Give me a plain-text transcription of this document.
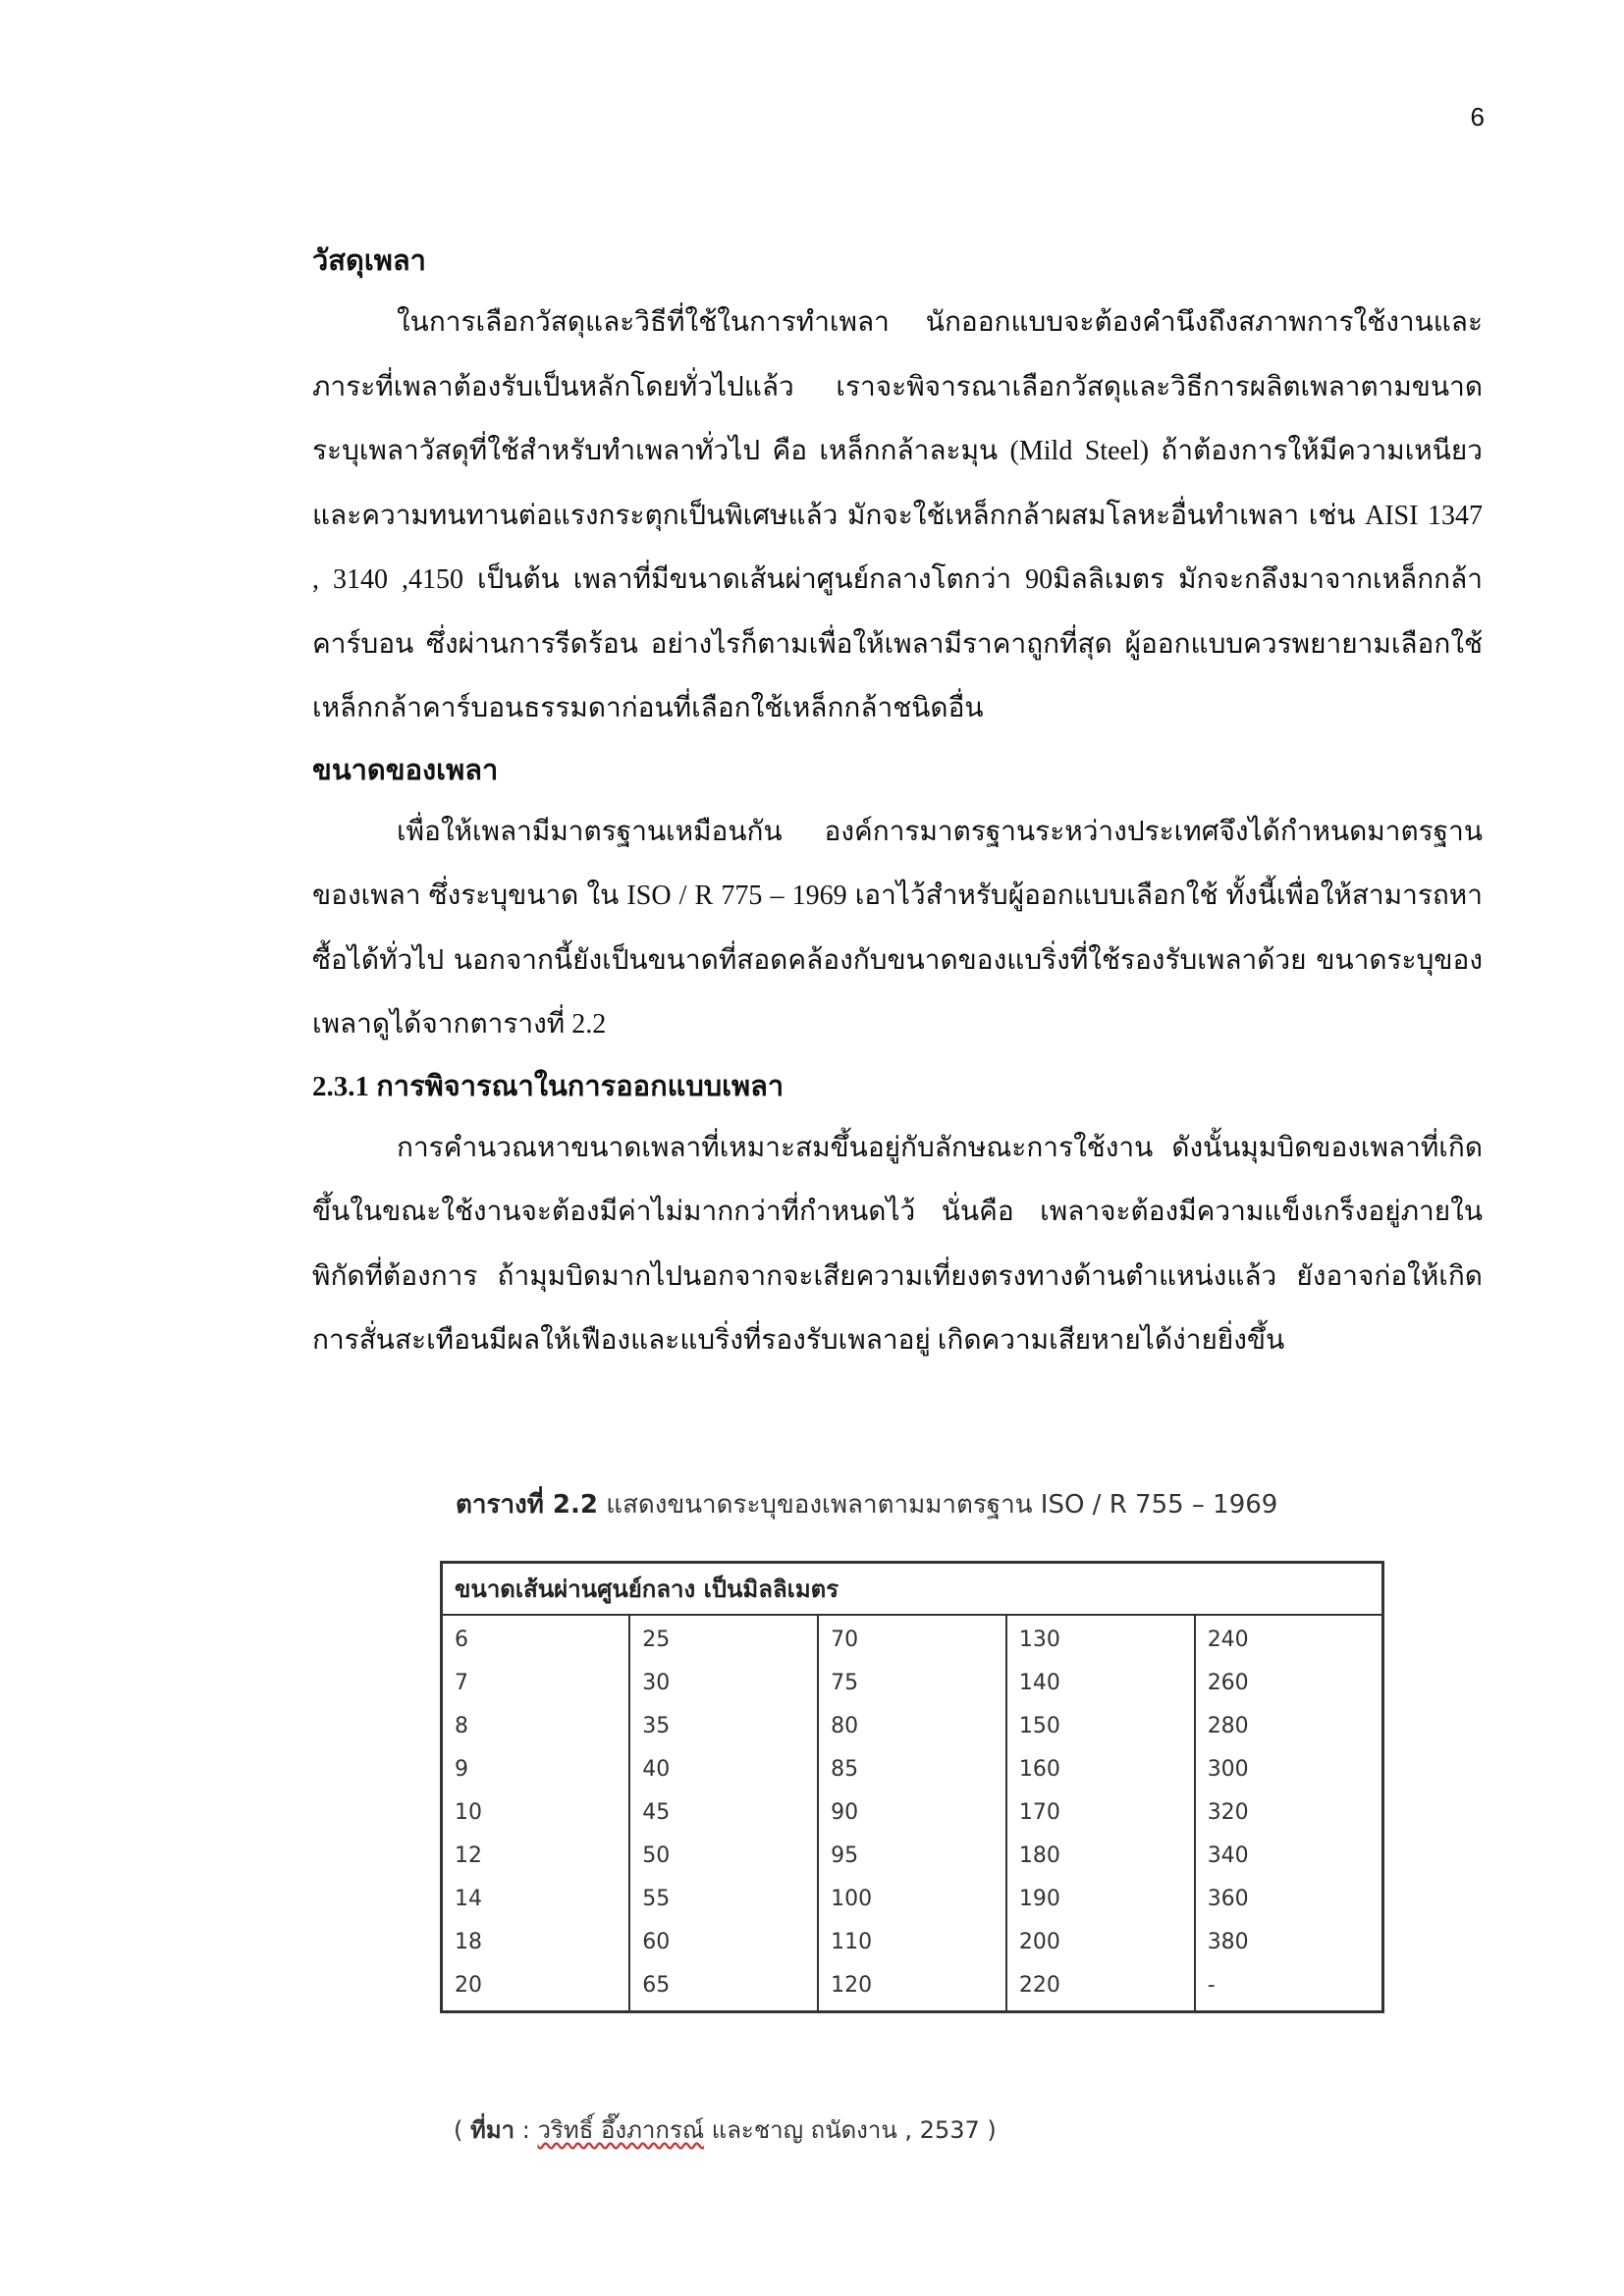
6
วัสดุเพลา

ในการเลือกวัสดุและวิธีที่ใช้ในการทำเพลา นักออกแบบจะต้องคำนึงถึงสภาพการใช้งานและภาระที่เพลาต้องรับเป็นหลักโดยทั่วไปแล้ว เราจะพิจารณาเลือกวัสดุและวิธีการผลิตเพลาตามขนาดระบุเพลาวัสดุที่ใช้สำหรับทำเพลาทั่วไป คือ เหล็กกล้าละมุน (Mild Steel) ถ้าต้องการให้มีความเหนียวและความทนทานต่อแรงกระตุกเป็นพิเศษแล้ว มักจะใช้เหล็กกล้าผสมโลหะอื่นทำเพลา เช่น AISI 1347 , 3140 ,4150 เป็นต้น เพลาที่มีขนาดเส้นผ่าศูนย์กลางโตกว่า 90มิลลิเมตร มักจะกลึงมาจากเหล็กกล้าคาร์บอน ซึ่งผ่านการรีดร้อน อย่างไรก็ตามเพื่อให้เพลามีราคาถูกที่สุด ผู้ออกแบบควรพยายามเลือกใช้เหล็กกล้าคาร์บอนธรรมดาก่อนที่เลือกใช้เหล็กกล้าชนิดอื่น

ขนาดของเพลา

เพื่อให้เพลามีมาตรฐานเหมือนกัน องค์การมาตรฐานระหว่างประเทศจึงได้กำหนดมาตรฐานของเพลา ซึ่งระบุขนาด ใน ISO / R 775 – 1969 เอาไว้สำหรับผู้ออกแบบเลือกใช้ ทั้งนี้เพื่อให้สามารถหาซื้อได้ทั่วไป นอกจากนี้ยังเป็นขนาดที่สอดคล้องกับขนาดของแบริ่งที่ใช้รองรับเพลาด้วย ขนาดระบุของเพลาดูได้จากตารางที่ 2.2

2.3.1 การพิจารณาในการออกแบบเพลา

การคำนวณหาขนาดเพลาที่เหมาะสมขึ้นอยู่กับลักษณะการใช้งาน ดังนั้นมุมบิดของเพลาที่เกิดขึ้นในขณะใช้งานจะต้องมีค่าไม่มากกว่าที่กำหนดไว้ นั่นคือ เพลาจะต้องมีความแข็งเกร็งอยู่ภายในพิกัดที่ต้องการ ถ้ามุมบิดมากไปนอกจากจะเสียความเที่ยงตรงทางด้านตำแหน่งแล้ว ยังอาจก่อให้เกิดการสั่นสะเทือนมีผลให้เฟืองและแบริ่งที่รองรับเพลาอยู่ เกิดความเสียหายได้ง่ายยิ่งขึ้น

ตารางที่ 2.2 แสดงขนาดระบุของเพลาตามมาตรฐาน ISO / R 755 – 1969
ขนาดเส้นผ่านศูนย์กลาง เป็นมิลลิเมตร				
6	25	70	130	240
7	30	75	140	260
8	35	80	150	280
9	40	85	160	300
10	45	90	170	320
12	50	95	180	340
14	55	100	190	360
18	60	110	200	380
20	65	120	220	-
( ที่มา : วริทธิ์ อึ๊งภากรณ์ และชาญ ถนัดงาน , 2537 )
